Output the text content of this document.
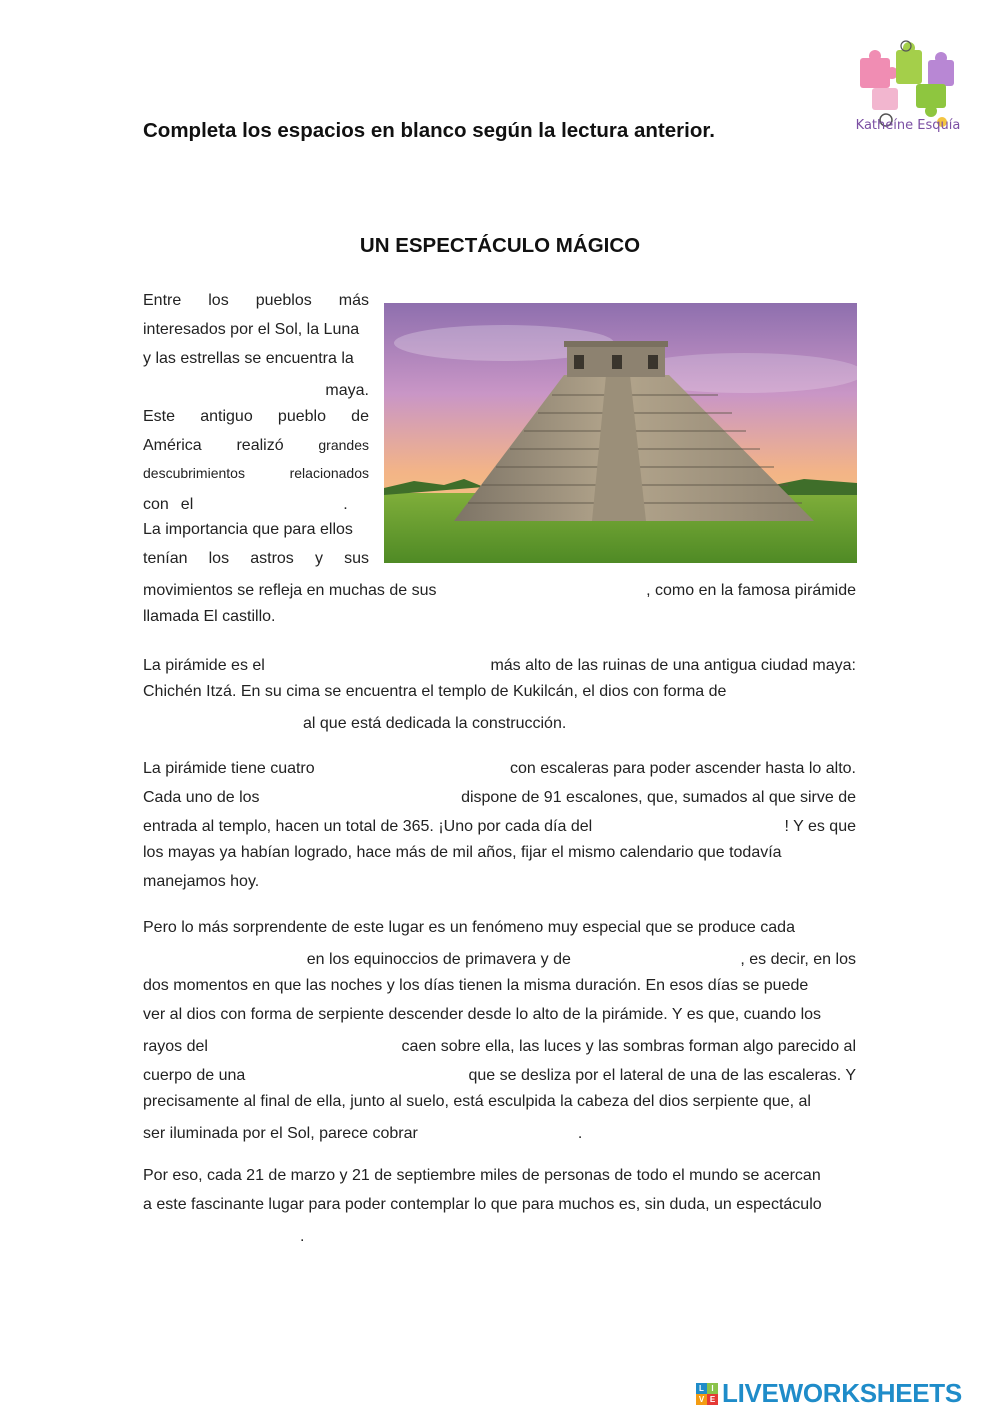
Completa los espacios en blanco según la lectura anterior.	Katheíne Esquía
UN ESPECTÁCULO MÁGICO
Entre los pueblos más
interesados por el Sol, la Luna
y las estrellas se encuentra la
maya.
Este antiguo pueblo de
América realizó grandes
descubrimientos	relacionados
con el	.
La importancia que para ellos
tenían los astros y sus
movimientos se refleja en muchas de sus	, como en la famosa pirámide
llamada El castillo.
La pirámide es el	más alto de las ruinas de una antigua ciudad maya:
Chichén Itzá. En su cima se encuentra el templo de Kukilcán, el dios con forma de
al que está dedicada la construcción.
La pirámide tiene cuatro	con escaleras para poder ascender hasta lo alto.
Cada uno de los	dispone de 91 escalones, que, sumados al que sirve de
entrada al templo, hacen un total de 365. ¡Uno por cada día del	! Y es que
los mayas ya habían logrado, hace más de mil años, fijar el mismo calendario que todavía
manejamos hoy.
Pero lo más sorprendente de este lugar es un fenómeno muy especial que se produce cada
en los equinoccios de primavera y de	, es decir, en los
dos momentos en que las noches y los días tienen la misma duración. En esos días se puede
ver al dios con forma de serpiente descender desde lo alto de la pirámide. Y es que, cuando los
rayos del	caen sobre ella, las luces y las sombras forman algo parecido al
cuerpo de una	que se desliza por el lateral de una de las escaleras. Y
precisamente al final de ella, junto al suelo, está esculpida la cabeza del dios serpiente que, al
ser iluminada por el Sol, parece cobrar	.
Por eso, cada 21 de marzo y 21 de septiembre miles de personas de todo el mundo se acercan
a este fascinante lugar para poder contemplar lo que para muchos es, sin duda, un espectáculo
.
L I
V E LIVEWORKSHEETS
